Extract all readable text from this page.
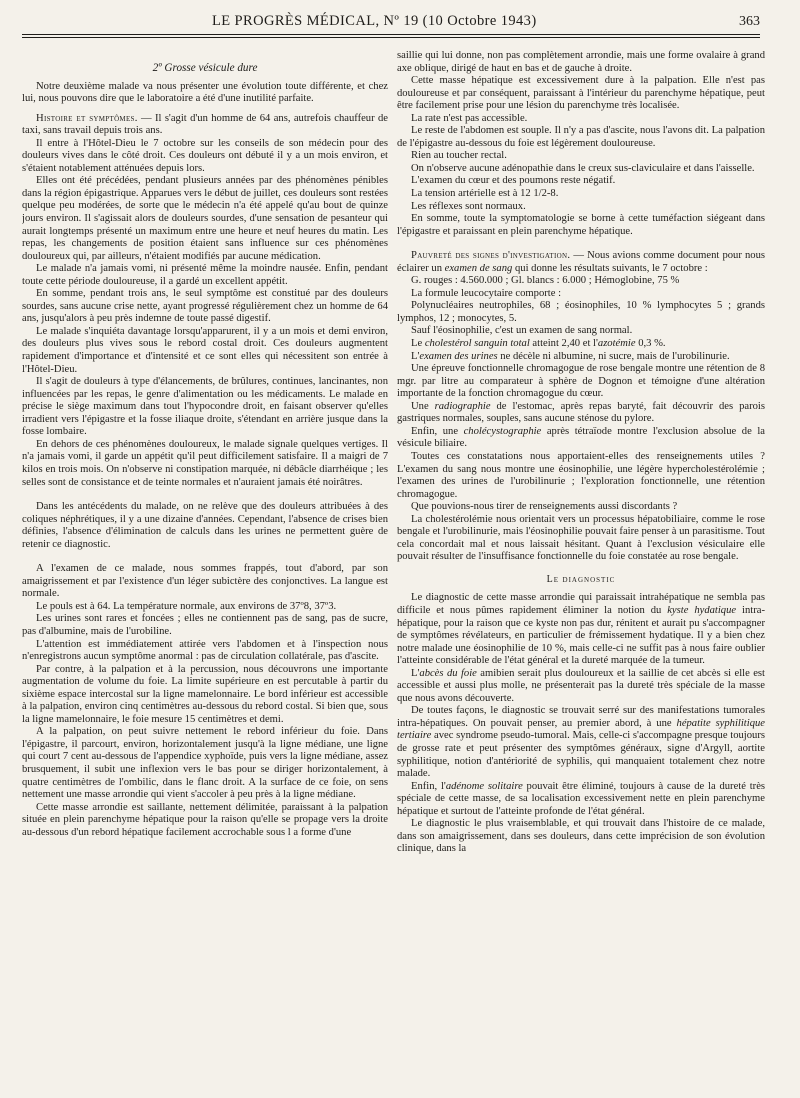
LE PROGRÈS MÉDICAL, Nº 19 (10 Octobre 1943)	363
2º Grosse vésicule dure

Notre deuxième malade va nous présenter une évolution toute différente, et chez lui, nous pouvons dire que le laboratoire a été d'une inutilité parfaite.

Histoire et symptômes. — Il s'agit d'un homme de 64 ans, autrefois chauffeur de taxi, sans travail depuis trois ans.

Il entre à l'Hôtel-Dieu le 7 octobre sur les conseils de son médecin pour des douleurs vives dans le côté droit. Ces douleurs ont débuté il y a un mois environ, et s'étaient notablement atténuées depuis lors.

Elles ont été précédées, pendant plusieurs années par des phénomènes pénibles dans la région épigastrique. Apparues vers le début de juillet, ces douleurs sont restées quelque peu modérées, de sorte que le médecin n'a été appelé qu'au bout de quinze jours environ. Il s'agissait alors de douleurs sourdes, d'une sensation de pesanteur qui aurait longtemps présenté un maximum entre une heure et neuf heures du matin. Les repas, les changements de position étaient sans influence sur ces phénomènes douloureux qui, par ailleurs, n'étaient modifiés par aucune médication.

Le malade n'a jamais vomi, ni présenté même la moindre nausée. Enfin, pendant toute cette période douloureuse, il a gardé un excellent appétit.

En somme, pendant trois ans, le seul symptôme est constitué par des douleurs sourdes, sans aucune crise nette, ayant progressé régulièrement chez un homme de 64 ans, jusqu'alors à peu près indemne de toute passé digestif.

Le malade s'inquiéta davantage lorsqu'apparurent, il y a un mois et demi environ, des douleurs plus vives sous le rebord costal droit. Ces douleurs augmentent rapidement d'importance et d'intensité et ce sont elles qui nécessitent son entrée à l'Hôtel-Dieu.

Il s'agit de douleurs à type d'élancements, de brûlures, continues, lancinantes, non influencées par les repas, le genre d'alimentation ou les médicaments. Le malade en précise le siège maximum dans tout l'hypocondre droit, en faisant observer qu'elles irradient vers l'épigastre et la fosse iliaque droite, s'étendant en arrière jusque dans la fosse lombaire.

En dehors de ces phénomènes douloureux, le malade signale quelques vertiges. Il n'a jamais vomi, il garde un appétit qu'il peut difficilement satisfaire. Il a maigri de 7 kilos en trois mois. On n'observe ni constipation marquée, ni débâcle diarrhéique ; les selles sont de consistance et de teinte normales et n'auraient jamais été noirâtres.

Dans les antécédents du malade, on ne relève que des douleurs attribuées à des coliques néphrétiques, il y a une dizaine d'années. Cependant, l'absence de crises bien définies, l'absence d'élimination de calculs dans les urines ne permettent guère de retenir ce diagnostic.

A l'examen de ce malade, nous sommes frappés, tout d'abord, par son amaigrissement et par l'existence d'un léger subictère des conjonctives. La langue est normale.

Le pouls est à 64. La température normale, aux environs de 37º8, 37º3.

Les urines sont rares et foncées ; elles ne contiennent pas de sang, pas de sucre, pas d'albumine, mais de l'urobiline.

L'attention est immédiatement attirée vers l'abdomen et à l'inspection nous n'enregistrons aucun symptôme anormal : pas de circulation collatérale, pas d'ascite.

Par contre, à la palpation et à la percussion, nous découvrons une importante augmentation de volume du foie. La limite supérieure en est percutable à partir du sixième espace intercostal sur la ligne mamelonnaire. Le bord inférieur est accessible à la palpation, environ cinq centimètres au-dessous du rebord costal. Si bien que, sous la ligne mamelonnaire, le foie mesure 15 centimètres et demi.

A la palpation, on peut suivre nettement le rebord inférieur du foie. Dans l'épigastre, il parcourt, environ, horizontalement jusqu'à la ligne médiane, une ligne qui court 7 cent au-dessous de l'appendice xyphoïde, puis vers la ligne médiane, assez brusquement, il subit une inflexion vers le bas pour se diriger horizontalement, à quatre centimètres de l'ombilic, dans le flanc droit. A la surface de ce foie, on sens nettement une masse arrondie qui vient s'accoler à peu près à la ligne médiane.

Cette masse arrondie est saillante, nettement délimitée, paraissant à la palpation située en plein parenchyme hépatique pour la raison qu'elle se propage vers la droite au-dessous d'un rebord hépatique facilement accrochable sous l a forme d'une

saillie qui lui donne, non pas complètement arrondie, mais une forme ovalaire à grand axe oblique, dirigé de haut en bas et de gauche à droite.

Cette masse hépatique est excessivement dure à la palpation. Elle n'est pas douloureuse et par conséquent, paraissant à l'intérieur du parenchyme hépatique, peut être facilement prise pour une lésion du parenchyme très localisée.

La rate n'est pas accessible.

Le reste de l'abdomen est souple. Il n'y a pas d'ascite, nous l'avons dit. La palpation de l'épigastre au-dessous du foie est légèrement douloureuse.

Rien au toucher rectal.

On n'observe aucune adénopathie dans le creux sus-claviculaire et dans l'aisselle.

L'examen du cœur et des poumons reste négatif.

La tension artérielle est à 12 1/2-8.

Les réflexes sont normaux.

En somme, toute la symptomatologie se borne à cette tuméfaction siégeant dans l'épigastre et paraissant en plein parenchyme hépatique.

Pauvreté des signes d'investigation. — Nous avions comme document pour nous éclairer un examen de sang qui donne les résultats suivants, le 7 octobre :

G. rouges : 4.560.000 ; Gl. blancs : 6.000 ; Hémoglobine, 75 %

La formule leucocytaire comporte :

Polynucléaires neutrophiles, 68 ; éosinophiles, 10 % lymphocytes 5 ; grands lymphos, 12 ; monocytes, 5.

Sauf l'éosinophilie, c'est un examen de sang normal.

Le cholestérol sanguin total atteint 2,40 et l'azotémie 0,3 %.

L'examen des urines ne décèle ni albumine, ni sucre, mais de l'urobilinurie.

Une épreuve fonctionnelle chromagogue de rose bengale montre une rétention de 8 mgr. par litre au comparateur à sphère de Dognon et témoigne d'une altération importante de la fonction chromagogue du cœur.

Une radiographie de l'estomac, après repas baryté, fait découvrir des parois gastriques normales, souples, sans aucune sténose du pylore.

Enfin, une cholécystographie après tétraïode montre l'exclusion absolue de la vésicule biliaire.

Toutes ces constatations nous apportaient-elles des renseignements utiles ? L'examen du sang nous montre une éosinophilie, une légère hypercholestérolémie ; l'examen des urines de l'urobilinurie ; l'exploration fonctionnelle, une rétention chromagogue.

Que pouvions-nous tirer de renseignements aussi discordants ?

La cholestérolémie nous orientait vers un processus hépatobiliaire, comme le rose bengale et l'urobilinurie, mais l'éosinophilie pouvait faire penser à un parasitisme. Tout cela concordait mal et nous laissait hésitant. Quant à l'exclusion vésiculaire elle pouvait résulter de l'insuffisance fonctionnelle du foie constatée au rose bengale.

Le diagnostic

Le diagnostic de cette masse arrondie qui paraissait intrahépatique ne sembla pas difficile et nous pûmes rapidement éliminer la notion du kyste hydatique intra-hépatique, pour la raison que ce kyste non pas dur, rénitent et aurait pu s'accompagner de symptômes révélateurs, en particulier de frémissement hydatique. Il y a bien chez notre malade une éosinophilie de 10 %, mais celle-ci ne suffit pas à nous faire oublier l'atteinte considérable de l'état général et la dureté marquée de la tumeur.

L'abcès du foie amibien serait plus douloureux et la saillie de cet abcès si elle est accessible et aussi plus molle, ne présenterait pas la dureté très spéciale de la masse que nous avons découverte.

De toutes façons, le diagnostic se trouvait serré sur des manifestations tumorales intra-hépatiques. On pouvait penser, au premier abord, à une hépatite syphilitique tertiaire avec syndrome pseudo-tumoral. Mais, celle-ci s'accompagne presque toujours de grosse rate et peut présenter des symptômes généraux, signe d'Argyll, aortite syphilitique, notion d'antériorité de syphilis, qui manquaient totalement chez notre malade.

Enfin, l'adénome solitaire pouvait être éliminé, toujours à cause de la dureté très spéciale de cette masse, de sa localisation excessivement nette en plein parenchyme hépatique et surtout de l'atteinte profonde de l'état général.

Le diagnostic le plus vraisemblable, et qui trouvait dans l'histoire de ce malade, dans son amaigrissement, dans ses douleurs, dans cette imprécision de son évolution clinique, dans la
